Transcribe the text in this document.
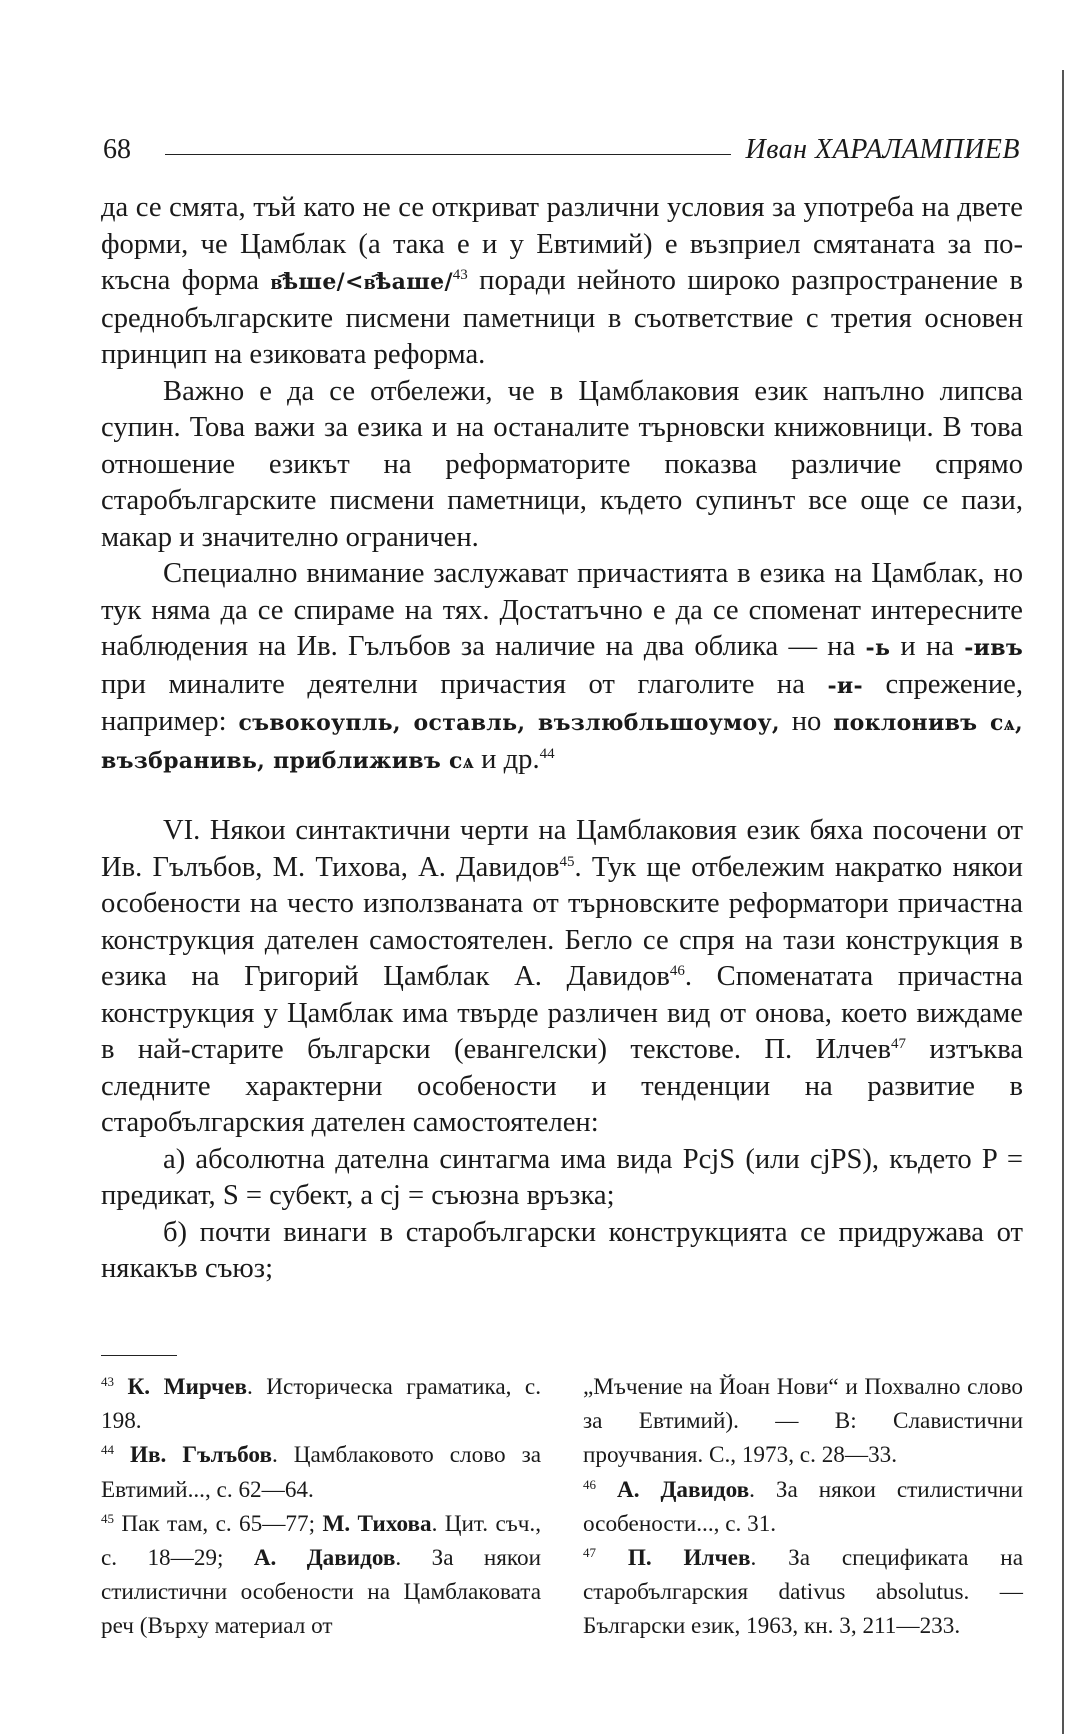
68	Иван ХАРАЛАМПИЕВ

да се смята, тъй като не се откриват различни условия за употреба на двете форми, че Цамблак (а така е и у Евтимий) е възприел смятаната за по-късна форма в҄ѣше/<в҄ѣаше/$^{43}$ поради нейното широко разпространение в среднобългарските писмени паметници в съответствие с третия основен принцип на езиковата реформа.

Важно е да се отбележи, че в Цамблаковия език напълно липсва супин. Това важи за езика и на останалите търновски книжовници. В това отношение езикът на реформаторите показва различие спрямо старобългарските писмени паметници, където супинът все още се пази, макар и значително ограничен.

Специално внимание заслужават причастията в езика на Цамблак, но тук няма да се спираме на тях. Достатъчно е да се споменат интересните наблюдения на Ив. Гълъбов за наличие на два облика — на -ь и на -ивъ при миналите деятелни причастия от глаголите на -и- спрежение, например: съвокоупль, оставль, възлюбльшоумоу, но поклонивъ сѧ, възбранивь, приближивъ сѧ и др.$^{44}$

VI. Някои синтактични черти на Цамблаковия език бяха посочени от Ив. Гълъбов, М. Тихова, А. Давидов$^{45}$. Тук ще отбележим накратко някои особености на често използваната от търновските реформатори причастна конструкция дателен самостоятелен. Бегло се спря на тази конструкция в езика на Григорий Цамблак А. Давидов$^{46}$. Споменатата причастна конструкция у Цамблак има твърде различен вид от онова, което виждаме в най-старите български (евангелски) текстове. П. Илчев$^{47}$ изтъква следните характерни особености и тенденции на развитие в старобългарския дателен самостоятелен:

а) абсолютна дателна синтагма има вида PcjS (или cjPS), където P = предикат, S = субект, а cj = съюзна връзка;

б) почти винаги в старобългарски конструкцията се придружава от някакъв съюз;

$^{43}$ К. Мирчев. Историческа граматика, с. 198.

$^{44}$ Ив. Гълъбов. Цамблаковото слово за Евтимий..., с. 62—64.

$^{45}$ Пак там, с. 65—77; М. Тихова. Цит. съч., с. 18—29; А. Давидов. За някои стилистични особености на Цамблаковата реч (Върху материал от

„Мъчение на Йоан Нови“ и Похвално слово за Евтимий). — В: Славистични проучвания. С., 1973, с. 28—33.

$^{46}$ А. Давидов. За някои стилистични особености..., с. 31.

$^{47}$ П. Илчев. За спецификата на старобългарския dativus absolutus. — Български език, 1963, кн. 3, 211—233.
